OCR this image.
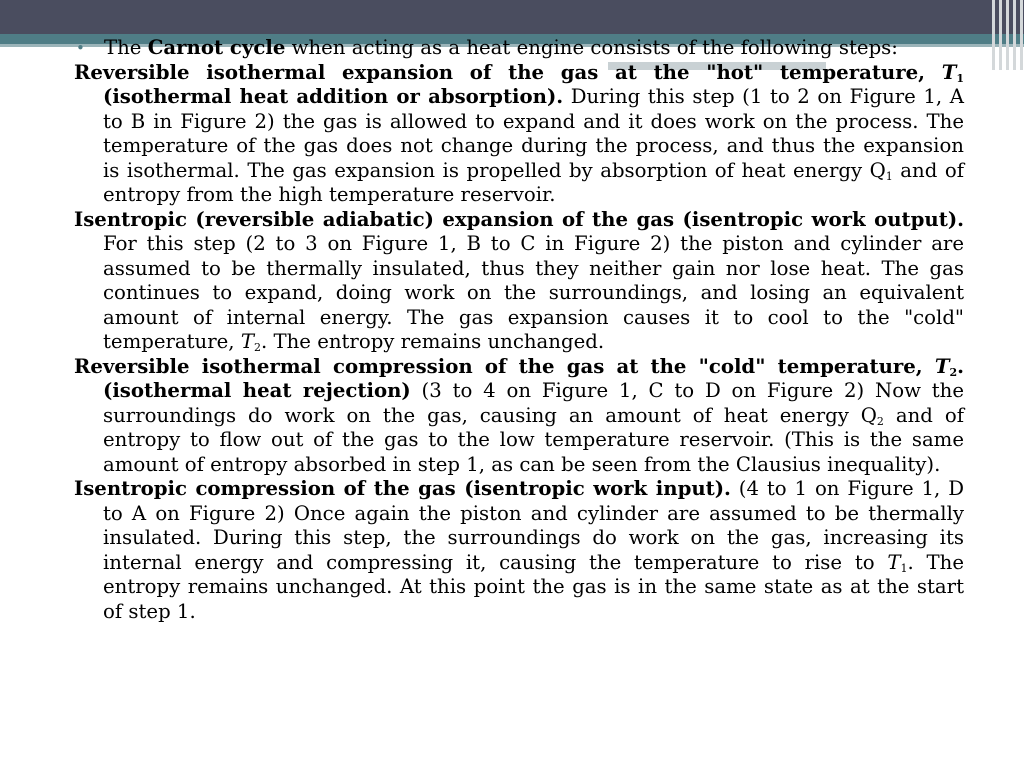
• The Carnot cycle when acting as a heat engine consists of the following steps:
Reversible isothermal expansion of the gas at the "hot" temperature, $T_1$ (isothermal heat addition or absorption). During this step (1 to 2 on Figure 1, A to B in Figure 2) the gas is allowed to expand and it does work on the process. The temperature of the gas does not change during the process, and thus the expansion is isothermal. The gas expansion is propelled by absorption of heat energy $Q_1$ and of entropy from the high temperature reservoir.
Isentropic (reversible adiabatic) expansion of the gas (isentropic work output). For this step (2 to 3 on Figure 1, B to C in Figure 2) the piston and cylinder are assumed to be thermally insulated, thus they neither gain nor lose heat. The gas continues to expand, doing work on the surroundings, and losing an equivalent amount of internal energy. The gas expansion causes it to cool to the "cold" temperature, $T_2$. The entropy remains unchanged.
Reversible isothermal compression of the gas at the "cold" temperature, $T_2$. (isothermal heat rejection) (3 to 4 on Figure 1, C to D on Figure 2) Now the surroundings do work on the gas, causing an amount of heat energy $Q_2$ and of entropy to flow out of the gas to the low temperature reservoir. (This is the same amount of entropy absorbed in step 1, as can be seen from the Clausius inequality).
Isentropic compression of the gas (isentropic work input). (4 to 1 on Figure 1, D to A on Figure 2) Once again the piston and cylinder are assumed to be thermally insulated. During this step, the surroundings do work on the gas, increasing its internal energy and compressing it, causing the temperature to rise to $T_1$. The entropy remains unchanged. At this point the gas is in the same state as at the start of step 1.
